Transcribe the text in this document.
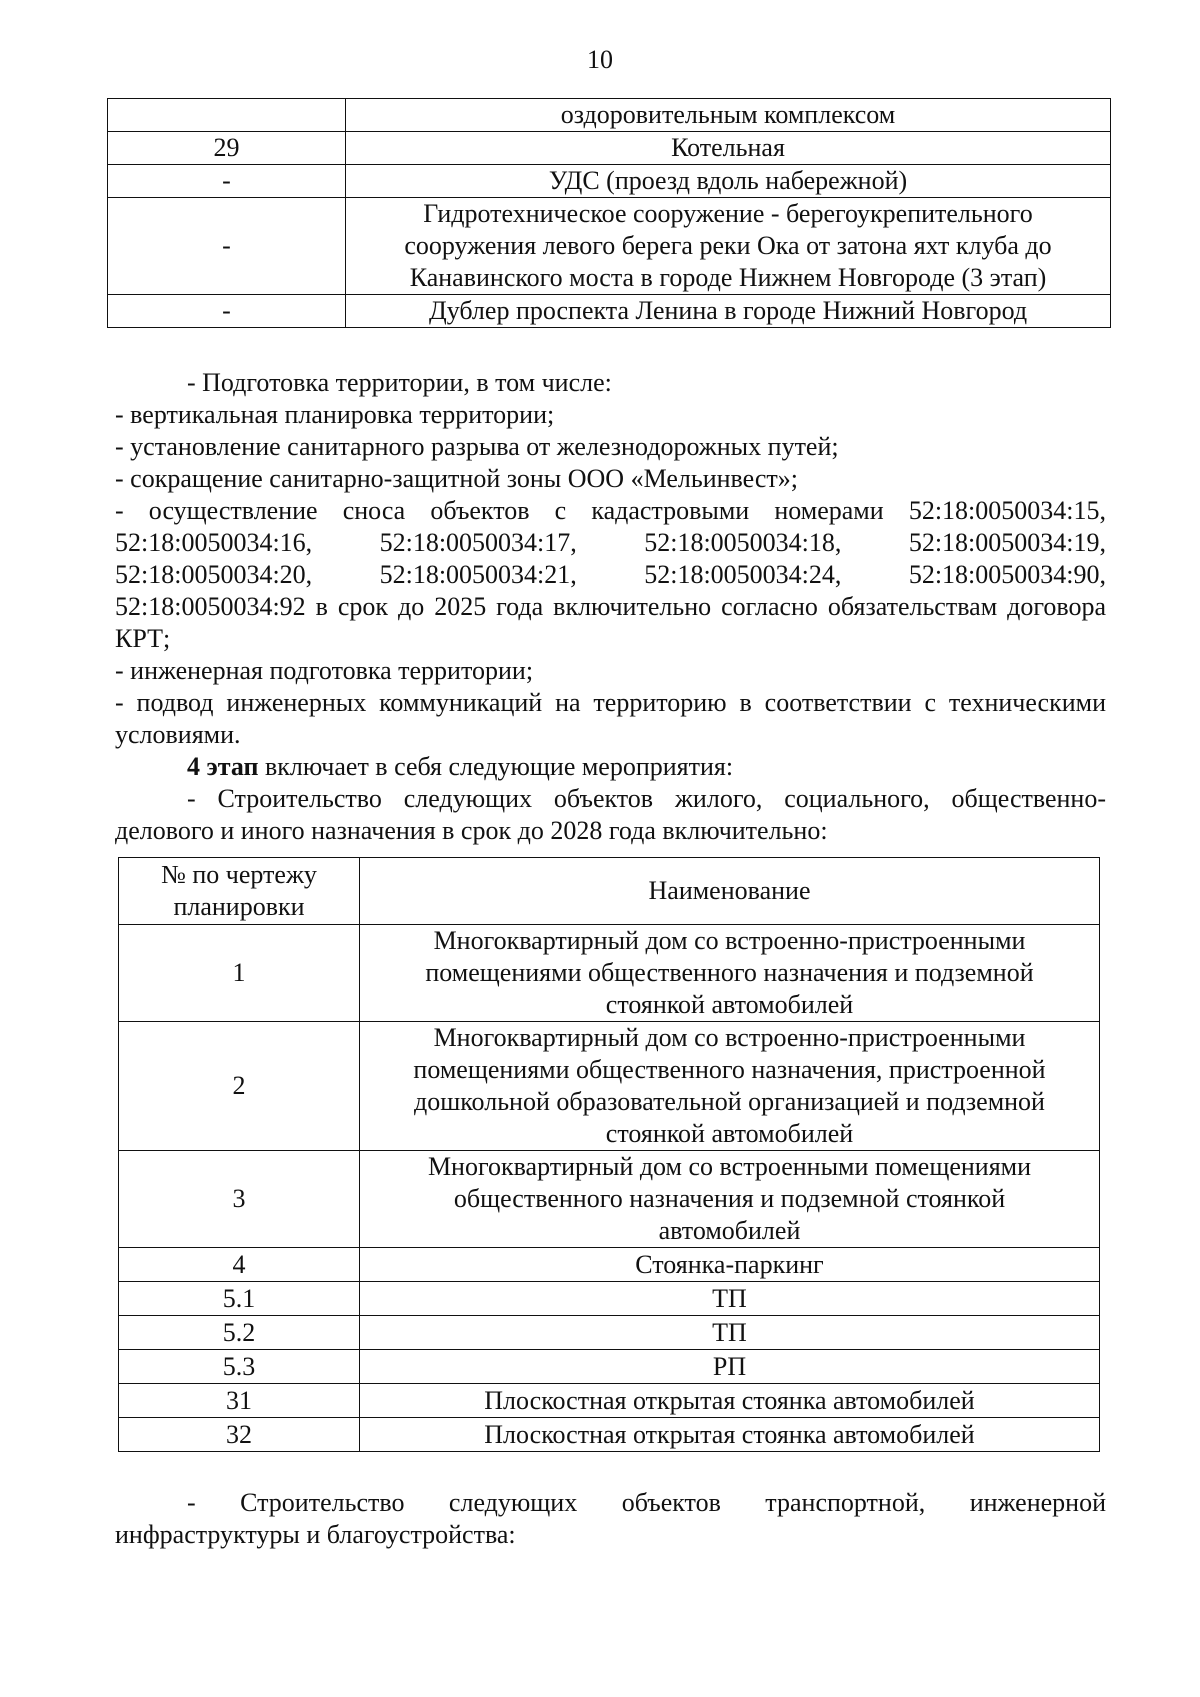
10
	оздоровительным комплексом
29	Котельная
-	УДС (проезд вдоль набережной)
-	Гидротехническое сооружение - берегоукрепительного сооружения левого берега реки Ока от затона яхт клуба до Канавинского моста в городе Нижнем Новгороде (3 этап)
-	Дублер проспекта Ленина в городе Нижний Новгород
- Подготовка территории, в том числе:
- вертикальная планировка территории;
- установление санитарного разрыва от железнодорожных путей;
- сокращение санитарно-защитной зоны ООО «Мельинвест»;

- осуществление сноса объектов с кадастровыми номерами 52:18:0050034:15, 52:18:0050034:16, 52:18:0050034:17, 52:18:0050034:18, 52:18:0050034:19, 52:18:0050034:20, 52:18:0050034:21, 52:18:0050034:24, 52:18:0050034:90, 52:18:0050034:92 в срок до 2025 года включительно согласно обязательствам договора КРТ;

- инженерная подготовка территории;

- подвод инженерных коммуникаций на территорию в соответствии с техническими условиями.

4 этап включает в себя следующие мероприятия:

- Строительство следующих объектов жилого, социального, общественно-делового и иного назначения в срок до 2028 года включительно:

№ по чертежу планировки	Наименование
1	Многоквартирный дом со встроенно-пристроенными помещениями общественного назначения и подземной стоянкой автомобилей
2	Многоквартирный дом со встроенно-пристроенными помещениями общественного назначения, пристроенной дошкольной образовательной организацией и подземной стоянкой автомобилей
3	Многоквартирный дом со встроенными помещениями общественного назначения и подземной стоянкой автомобилей
4	Стоянка-паркинг
5.1	ТП
5.2	ТП
5.3	РП
31	Плоскостная открытая стоянка автомобилей
32	Плоскостная открытая стоянка автомобилей

- Строительство следующих объектов транспортной, инженерной инфраструктуры и благоустройства:
